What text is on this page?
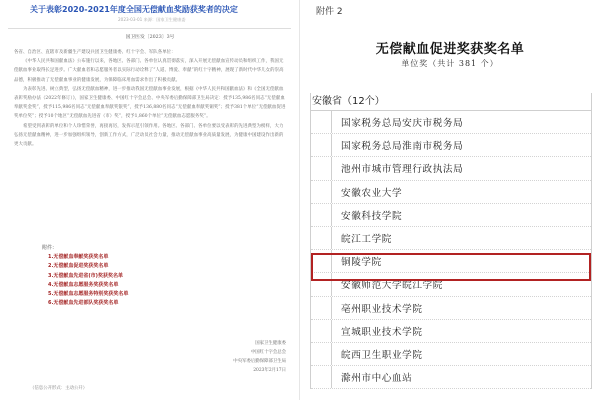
关于表彰2020-2021年度全国无偿献血奖励获奖者的决定
2023-03-01 来源：国家卫生健康委
国卫医发〔2023〕3号

各省、自治区、直辖市及新疆生产建设兵团卫生健康委、红十字会、军队各单位：

《中华人民共和国献血法》公布施行以来，各地区、各部门、各单位认真贯彻落实，深入开展无偿献血宣传动员和组织工作，我国无偿献血事业取得长足进步。广大献血者和志愿服务者以实际行动诠释了“人道、博爱、奉献”的红十字精神，展现了新时代中华儿女的崇高品德，积极推动了无偿献血事业的健康发展，为保障临床用血需求作出了积极贡献。

为表彰先进、树立典型，弘扬无偿献血精神，进一步推动我国无偿献血事业发展，根据《中华人民共和国献血法》和《全国无偿献血表彰奖励办法（2022年修订）》，国家卫生健康委、中国红十字会总会、中央军委后勤保障部卫生局决定：授予135,986名同志“无偿献血奉献奖金奖”，授予115,986名同志“无偿献血奉献奖银奖”，授予136,880名同志“无偿献血奉献奖铜奖”；授予381个单位“无偿献血促进奖单位奖”；授予10个地区“无偿献血先进省（市）奖”，授予1,860个单位“无偿献血志愿服务奖”。

希望受到表彰的单位和个人珍惜荣誉，再接再厉，发挥示范引领作用。各地区、各部门、各单位要以受表彰的先进典型为榜样，大力弘扬无偿献血精神，进一步加强组织领导，创新工作方式，广泛动员社会力量，推动无偿献血事业高质量发展，为健康中国建设作出新的更大贡献。

附件：
1.无偿献血奉献奖获奖名单
2.无偿献血促进奖获奖名单
3.无偿献血先进省(市)奖获奖名单
4.无偿献血志愿服务奖获奖名单
5.无偿献血志愿服务特别奖获奖名单
6.无偿献血先进部队奖获奖名单
国家卫生健康委
中国红十字会总会
中央军委后勤保障部卫生局
2023年2月17日
（信息公开形式：主动公开）
附件 2
无偿献血促进奖获奖名单
单位奖（共计 381 个）
安徽省（12个）
国家税务总局安庆市税务局
国家税务总局淮南市税务局
池州市城市管理行政执法局
安徽农业大学
安徽科技学院
皖江工学院
铜陵学院
安徽师范大学皖江学院
亳州职业技术学院
宣城职业技术学院
皖西卫生职业学院
滁州市中心血站
